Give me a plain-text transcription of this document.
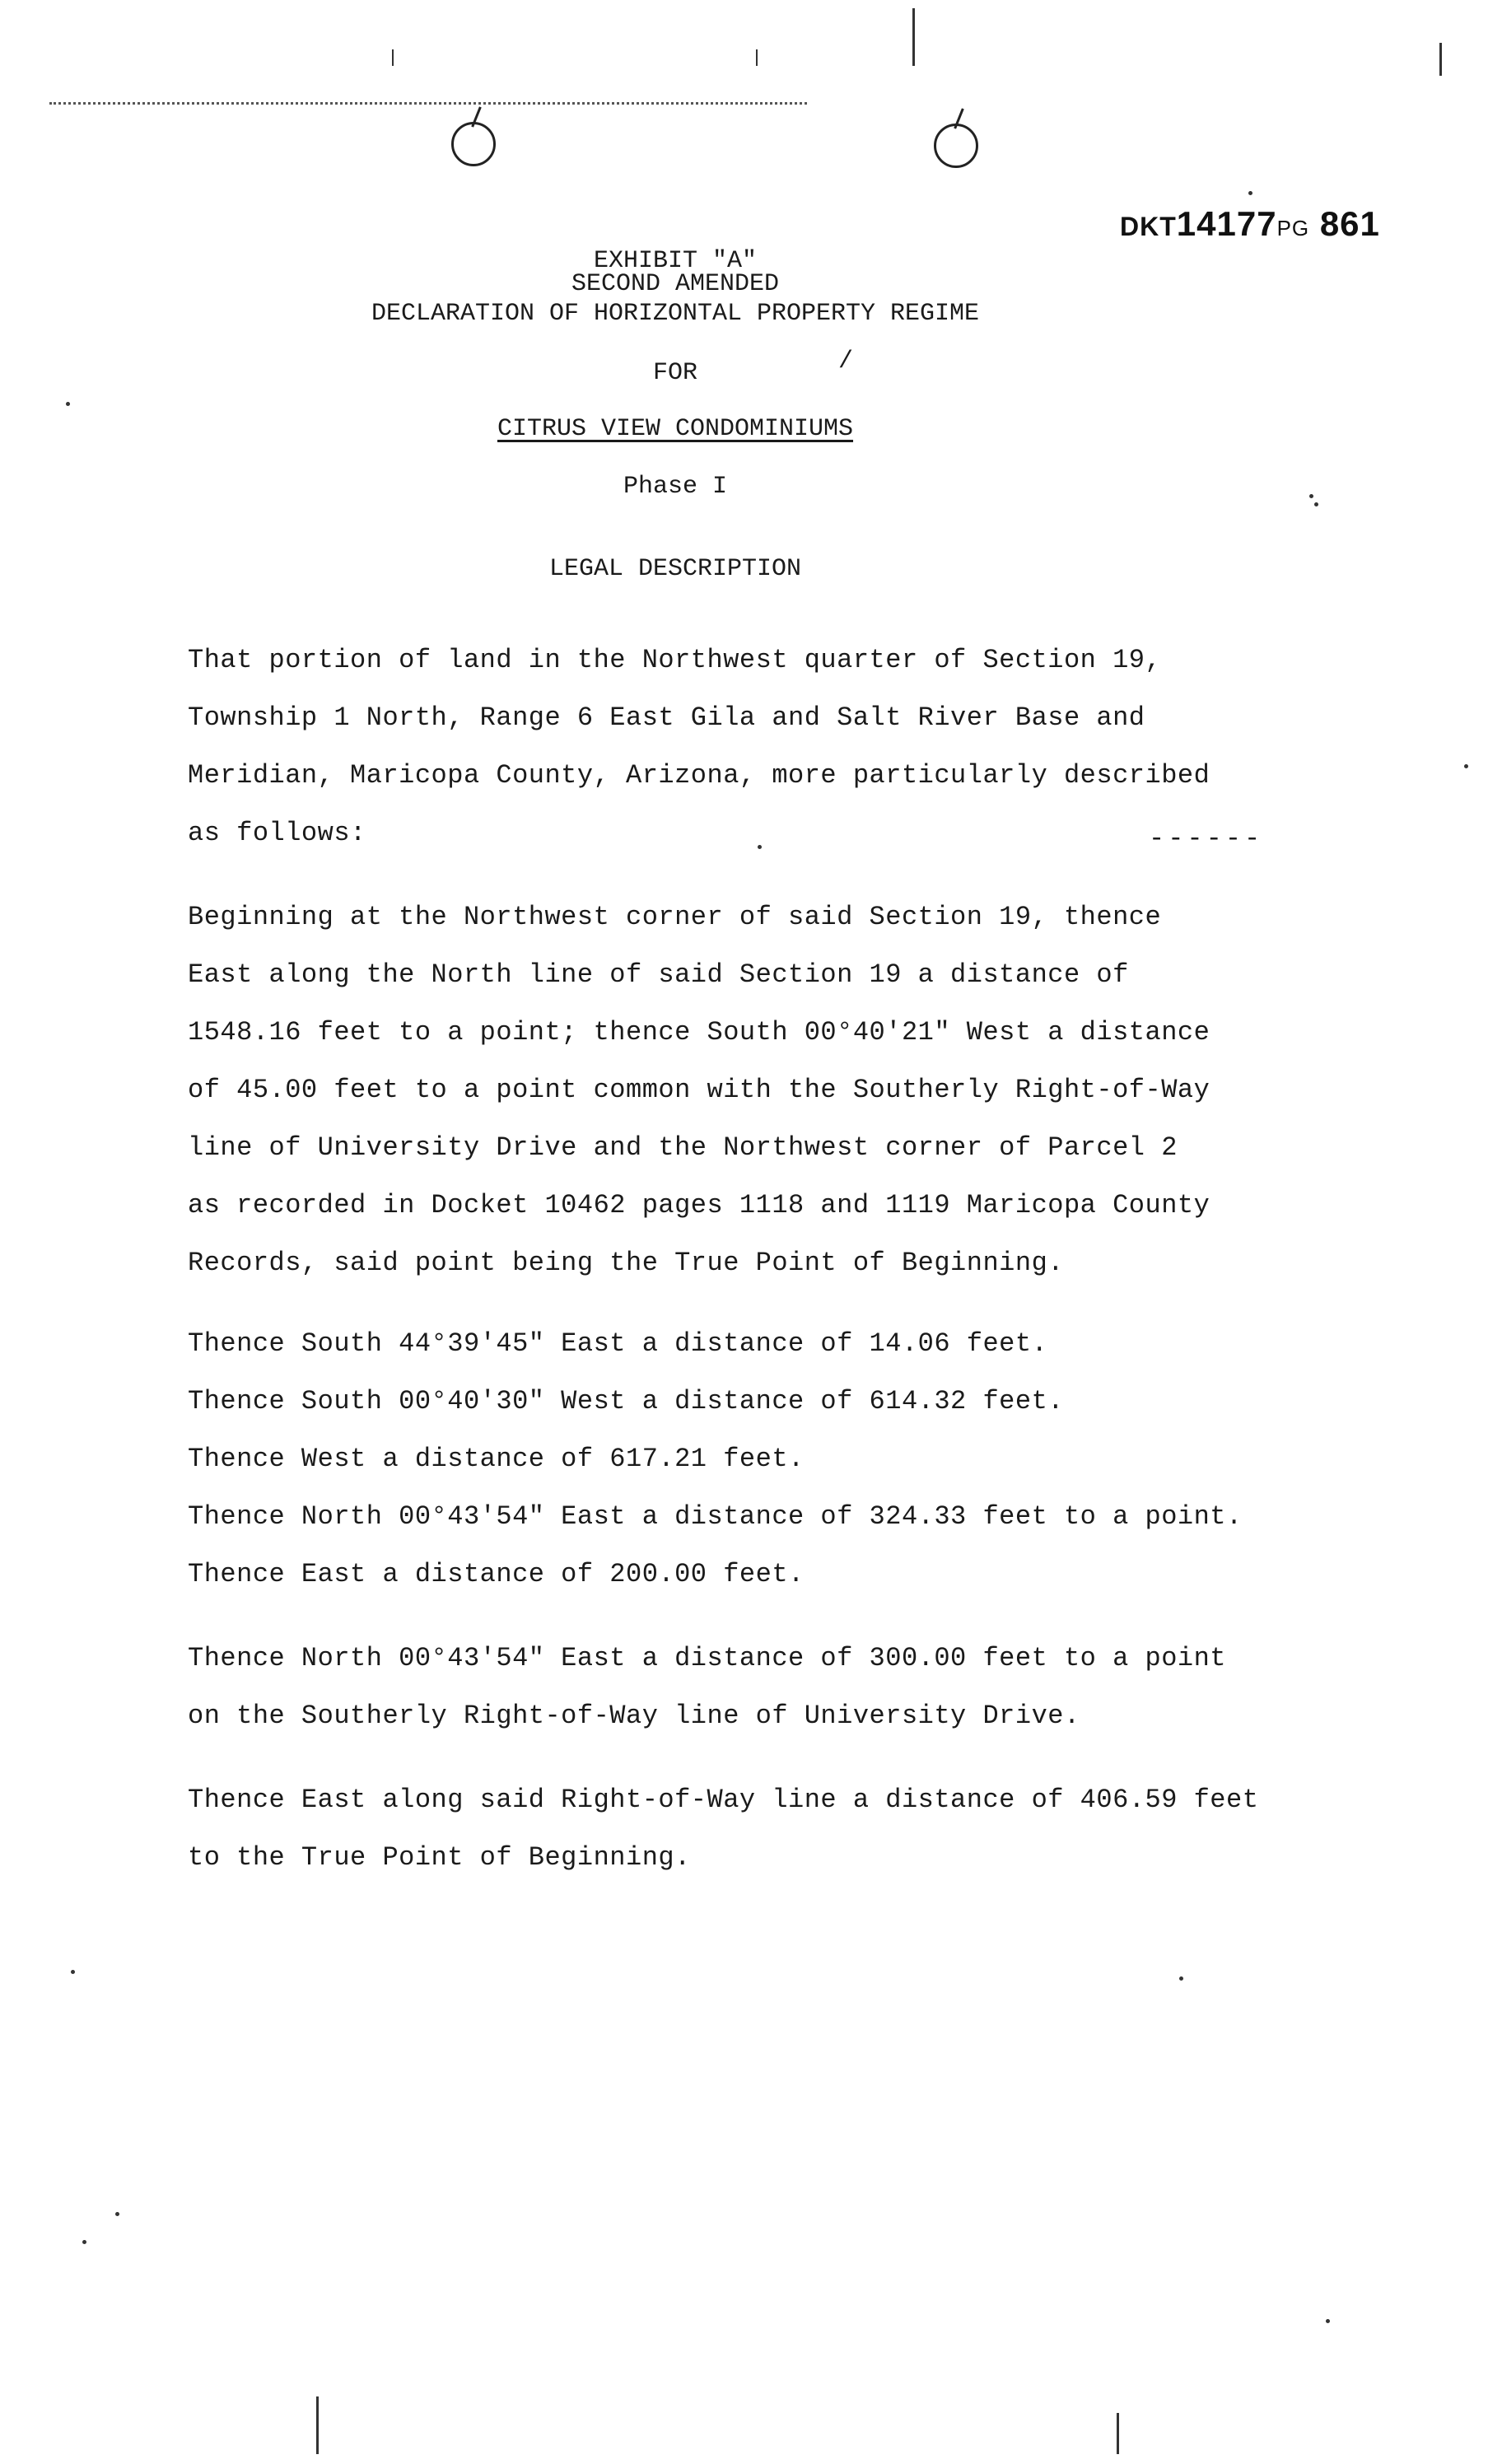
DKT14177PG 861
EXHIBIT "A"
SECOND AMENDED
DECLARATION OF HORIZONTAL PROPERTY REGIME
FOR	/
CITRUS VIEW CONDOMINIUMS
Phase I
LEGAL DESCRIPTION
That portion of land in the Northwest quarter of Section 19,
Township 1 North, Range 6 East Gila and Salt River Base and
Meridian, Maricopa County, Arizona, more particularly described
as follows:	------
Beginning at the Northwest corner of said Section 19, thence
East along the North line of said Section 19 a distance of
1548.16 feet to a point; thence South 00°40'21" West a distance
of 45.00 feet to a point common with the Southerly Right-of-Way
line of University Drive and the Northwest corner of Parcel 2
as recorded in Docket 10462 pages 1118 and 1119 Maricopa County
Records, said point being the True Point of Beginning.
Thence South 44°39'45" East a distance of 14.06 feet.
Thence South 00°40'30" West a distance of 614.32 feet.
Thence West a distance of 617.21 feet.
Thence North 00°43'54" East a distance of 324.33 feet to a point.
Thence East a distance of 200.00 feet.
Thence North 00°43'54" East a distance of 300.00 feet to a point
on the Southerly Right-of-Way line of University Drive.
Thence East along said Right-of-Way line a distance of 406.59 feet
to the True Point of Beginning.
